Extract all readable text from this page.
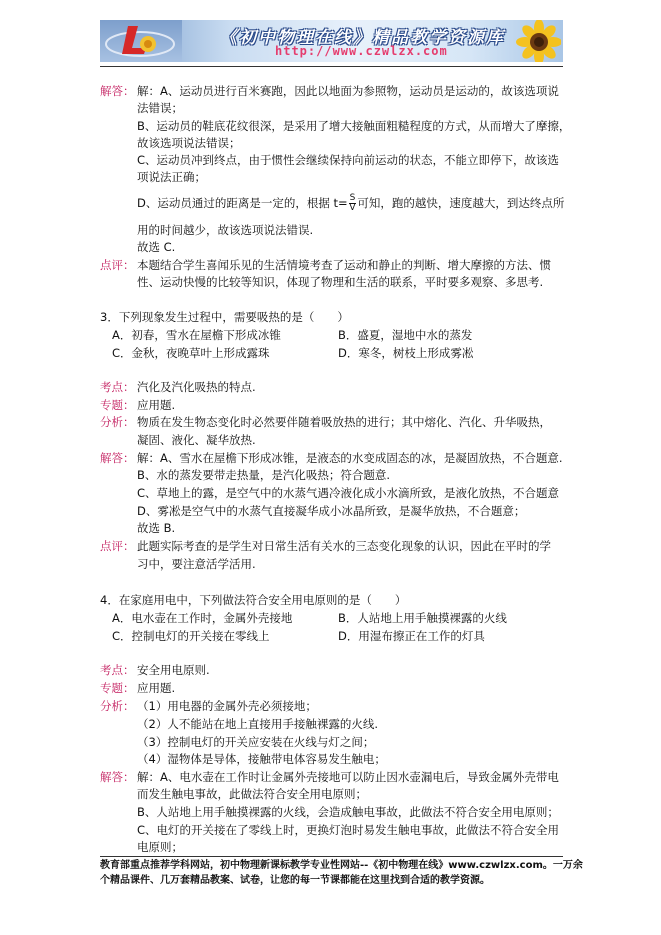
《初中物理在线》精品教学资源库
http://www.czwlzx.com
解答： 解：A、运动员进行百米赛跑，因此以地面为参照物，运动员是运动的，故该选项说
法错误；
B、运动员的鞋底花纹很深，是采用了增大接触面粗糙程度的方式，从而增大了摩擦，
故该选项说法错误；
C、运动员冲到终点，由于惯性会继续保持向前运动的状态，不能立即停下，故该选
项说法正确；
D、运动员通过的距离是一定的，根据 $t= \frac{S}{V}$ 可知，跑的越快，速度越大，到达终点所
用的时间越少，故该选项说法错误.
故选 C.
点评： 本题结合学生喜闻乐见的生活情境考查了运动和静止的判断、增大摩擦的方法、惯
性、运动快慢的比较等知识，体现了物理和生活的联系，平时要多观察、多思考.
3．下列现象发生过程中，需要吸热的是（　　）
A．初春，雪水在屋檐下形成冰锥	B．盛夏，湿地中水的蒸发
C．金秋，夜晚草叶上形成露珠	D．寒冬，树枝上形成雾凇
考点： 汽化及汽化吸热的特点.
专题： 应用题.
分析： 物质在发生物态变化时必然要伴随着吸放热的进行；其中熔化、汽化、升华吸热，
凝固、液化、凝华放热.
解答： 解：A、雪水在屋檐下形成冰锥，是液态的水变成固态的冰，是凝固放热，不合题意.
B、水的蒸发要带走热量，是汽化吸热；符合题意.
C、草地上的露，是空气中的水蒸气遇冷液化成小水滴所致，是液化放热，不合题意
D、雾凇是空气中的水蒸气直接凝华成小冰晶所致，是凝华放热，不合题意；
故选 B.
点评： 此题实际考查的是学生对日常生活有关水的三态变化现象的认识，因此在平时的学
习中，要注意活学活用.
4．在家庭用电中，下列做法符合安全用电原则的是（　　）
A．电水壶在工作时，金属外壳接地	B．人站地上用手触摸裸露的火线
C．控制电灯的开关接在零线上	D．用湿布擦正在工作的灯具
考点： 安全用电原则.
专题： 应用题.
分析： （1）用电器的金属外壳必须接地；
（2）人不能站在地上直接用手接触裸露的火线.
（3）控制电灯的开关应安装在火线与灯之间；
（4）湿物体是导体，接触带电体容易发生触电；
解答： 解：A、电水壶在工作时让金属外壳接地可以防止因水壶漏电后，导致金属外壳带电
而发生触电事故，此做法符合安全用电原则；
B、人站地上用手触摸裸露的火线，会造成触电事故，此做法不符合安全用电原则；
C、电灯的开关接在了零线上时，更换灯泡时易发生触电事故，此做法不符合安全用
电原则；
教育部重点推荐学科网站，初中物理新课标教学专业性网站--《初中物理在线》www.czwlzx.com。一万余
个精品课件、几万套精品教案、试卷，让您的每一节课都能在这里找到合适的教学资源。
